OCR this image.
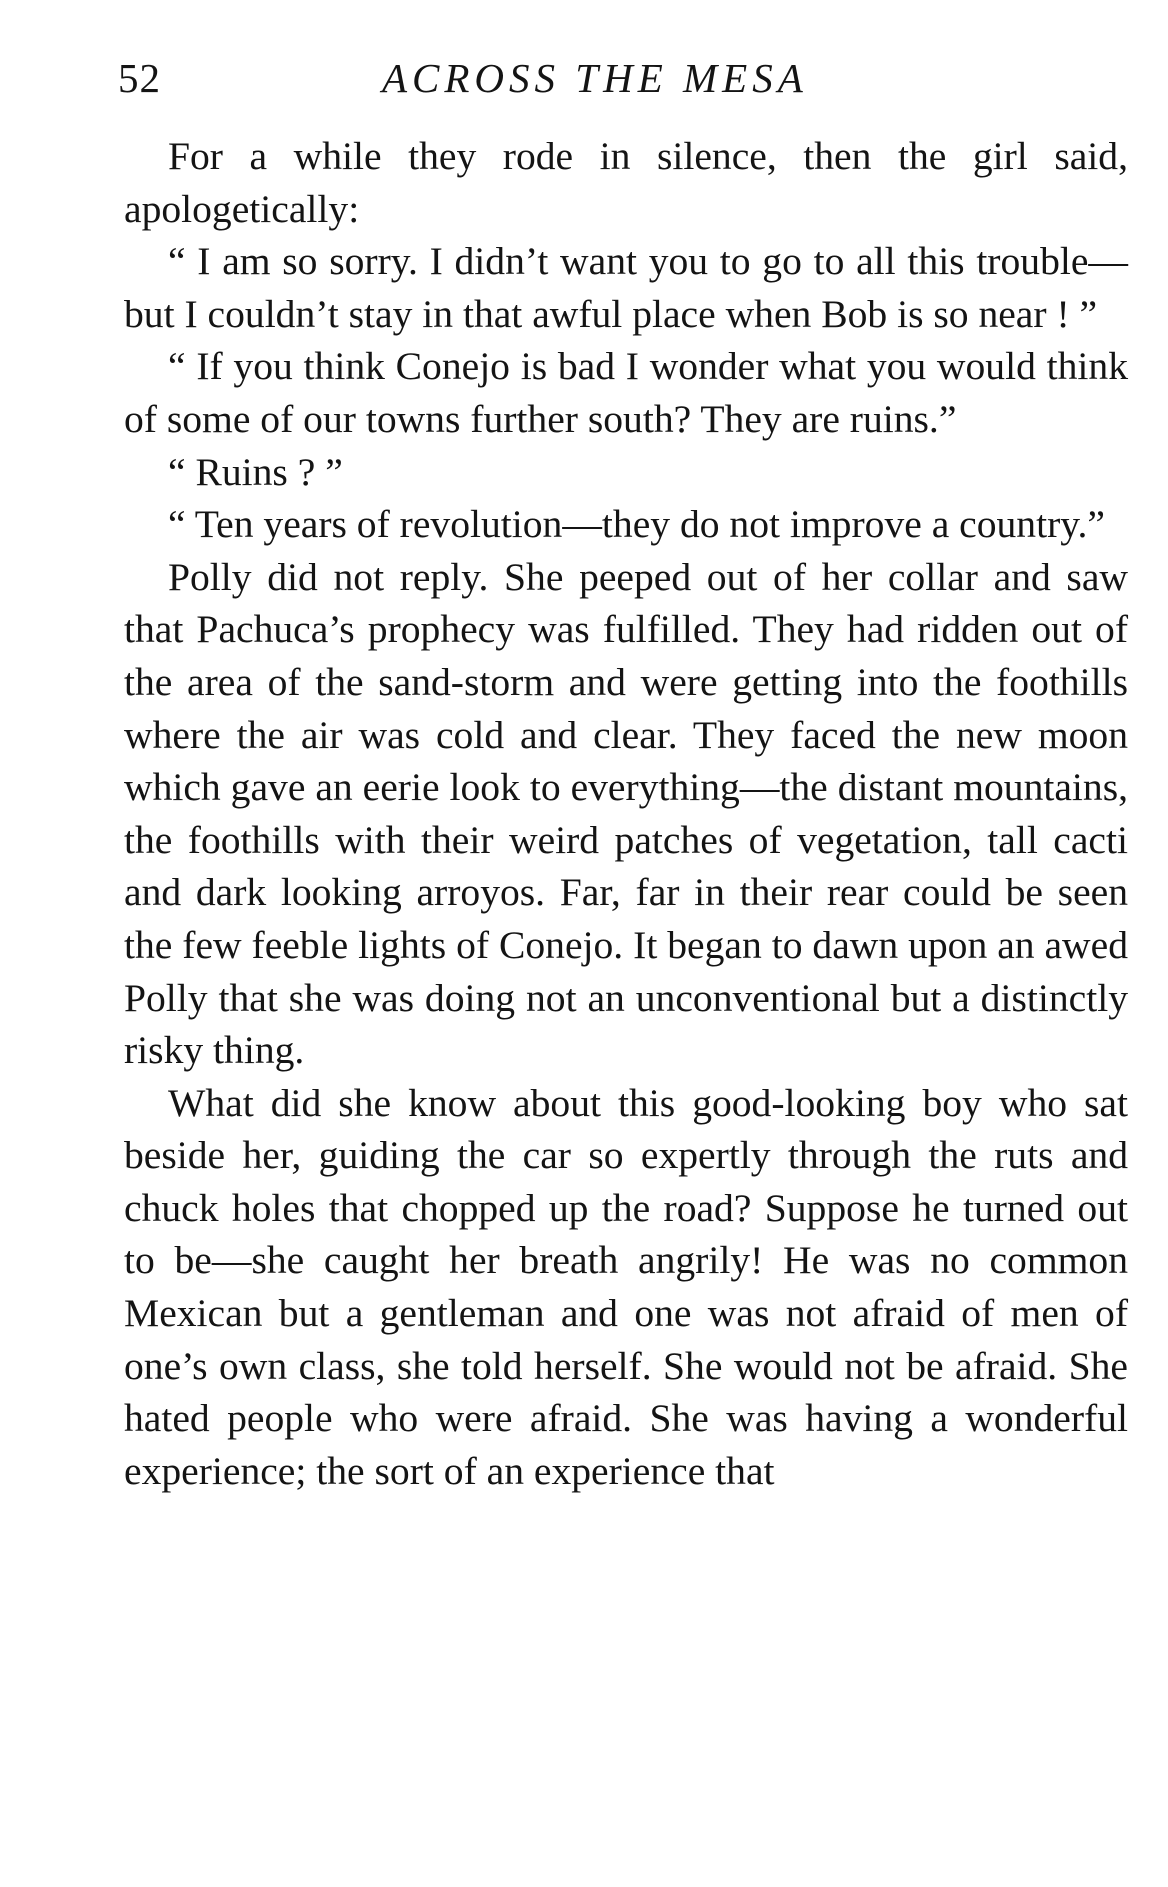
52	ACROSS THE MESA

For a while they rode in silence, then the girl said, apologetically:

“ I am so sorry. I didn’t want you to go to all this trouble—but I couldn’t stay in that awful place when Bob is so near ! ”

“ If you think Conejo is bad I wonder what you would think of some of our towns further south? They are ruins.”

“ Ruins ? ”

“ Ten years of revolution—they do not improve a country.”

Polly did not reply. She peeped out of her collar and saw that Pachuca’s prophecy was fulfilled. They had ridden out of the area of the sand-storm and were getting into the foothills where the air was cold and clear. They faced the new moon which gave an eerie look to everything—the distant mountains, the foothills with their weird patches of vegetation, tall cacti and dark looking arroyos. Far, far in their rear could be seen the few feeble lights of Conejo. It began to dawn upon an awed Polly that she was doing not an unconventional but a distinctly risky thing.

What did she know about this good-looking boy who sat beside her, guiding the car so expertly through the ruts and chuck holes that chopped up the road? Suppose he turned out to be—she caught her breath angrily! He was no common Mexican but a gentleman and one was not afraid of men of one’s own class, she told herself. She would not be afraid. She hated people who were afraid. She was having a wonderful experience; the sort of an experience that
